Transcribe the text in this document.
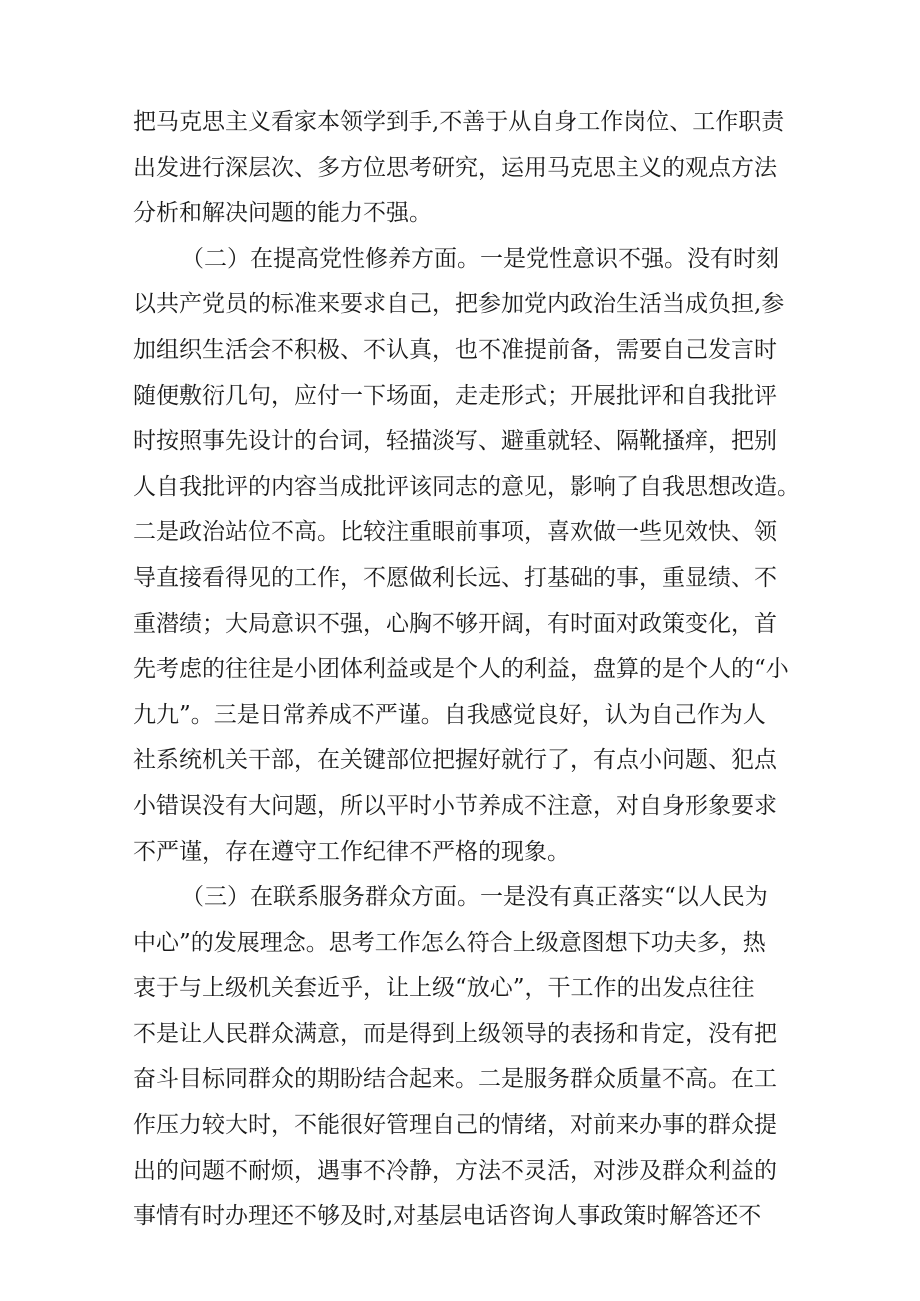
把马克思主义看家本领学到手,不善于从自身工作岗位、工作职责
出发进行深层次、多方位思考研究，运用马克思主义的观点方法
分析和解决问题的能力不强。
（二）在提高党性修养方面。一是党性意识不强。没有时刻
以共产党员的标准来要求自己，把参加党内政治生活当成负担,参
加组织生活会不积极、不认真，也不准提前备，需要自己发言时
随便敷衍几句，应付一下场面，走走形式；开展批评和自我批评
时按照事先设计的台词，轻描淡写、避重就轻、隔靴搔痒，把别
人自我批评的内容当成批评该同志的意见，影响了自我思想改造。
二是政治站位不高。比较注重眼前事项，喜欢做一些见效快、领
导直接看得见的工作，不愿做利长远、打基础的事，重显绩、不
重潜绩；大局意识不强，心胸不够开阔，有时面对政策变化，首
先考虑的往往是小团体利益或是个人的利益，盘算的是个人的“小
九九”。三是日常养成不严谨。自我感觉良好，认为自己作为人
社系统机关干部，在关键部位把握好就行了，有点小问题、犯点
小错误没有大问题，所以平时小节养成不注意，对自身形象要求
不严谨，存在遵守工作纪律不严格的现象。
（三）在联系服务群众方面。一是没有真正落实“以人民为
中心”的发展理念。思考工作怎么符合上级意图想下功夫多，热
衷于与上级机关套近乎，让上级“放心”，干工作的出发点往往
不是让人民群众满意，而是得到上级领导的表扬和肯定，没有把
奋斗目标同群众的期盼结合起来。二是服务群众质量不高。在工
作压力较大时，不能很好管理自己的情绪，对前来办事的群众提
出的问题不耐烦，遇事不冷静，方法不灵活，对涉及群众利益的
事情有时办理还不够及时,对基层电话咨询人事政策时解答还不
